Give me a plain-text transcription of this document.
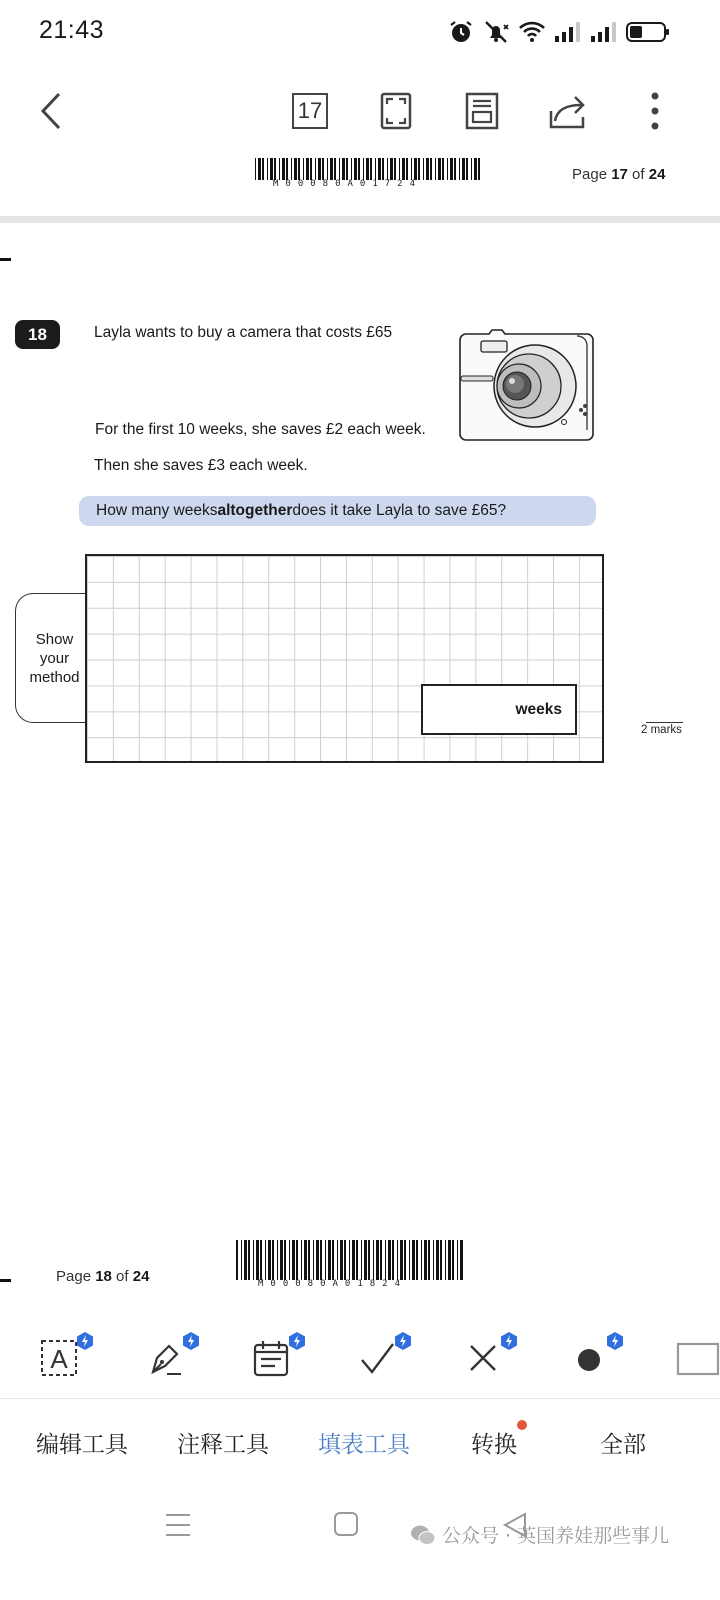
21:43
17
M00080A01724
Page 17 of 24
18	Layla wants to buy a camera that costs £65
For the first 10 weeks, she saves £2 each week.
Then she saves £3 each week.
How many weeks altogether does it take Layla to save £65?
Show
your
method
weeks
2 marks
Page 18 of 24	M00080A01824
A
编辑工具 注释工具 填表工具	转换	全部
公众号 · 英国养娃那些事儿
